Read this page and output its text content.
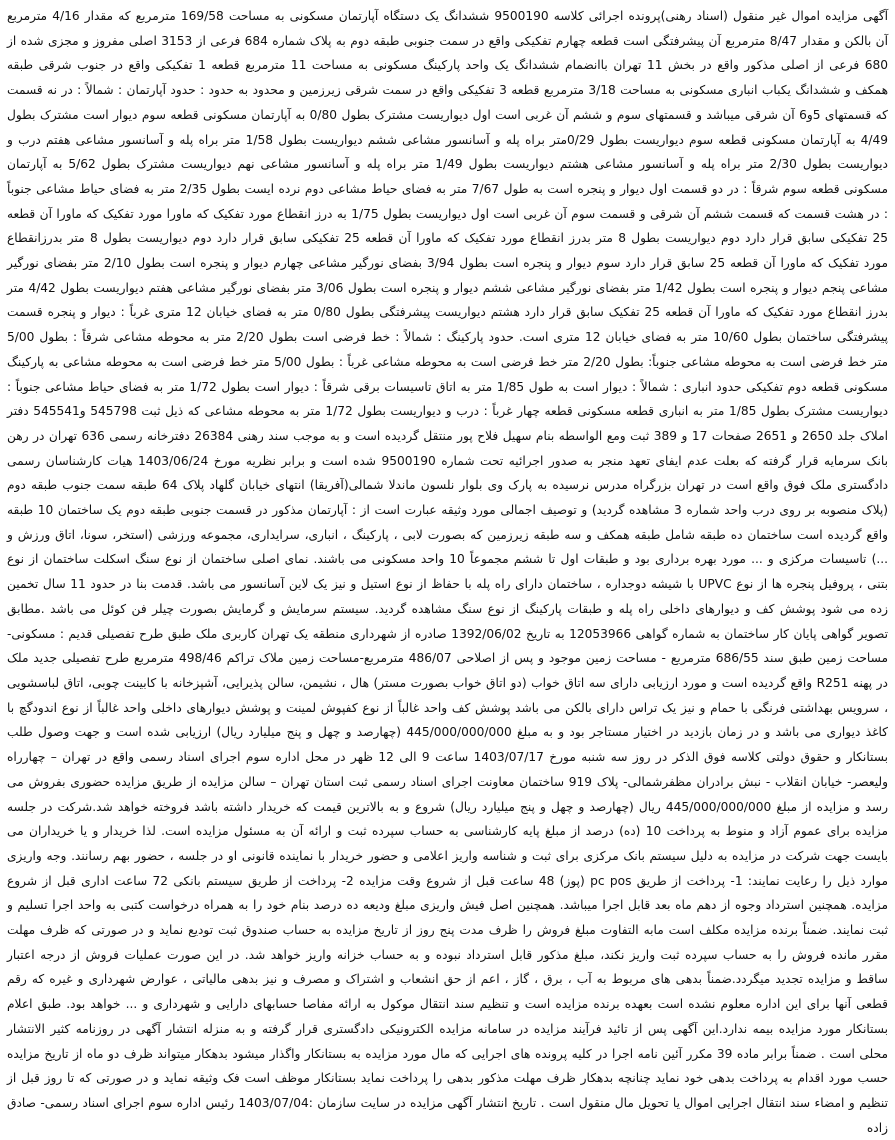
آگهی مزایده اموال غیر منقول (اسناد رهنی)پرونده اجرائی کلاسه 9500190 ششدانگ یک دستگاه آپارتمان مسکونی به مساحت 169/58 مترمربع که مقدار 4/16 مترمربع آن بالکن و مقدار 8/47 مترمربع آن پیشرفتگی است قطعه چهارم تفکیکی واقع در سمت جنوبی طبقه دوم به پلاک شماره 684 فرعی از 3153 اصلی مفروز و مجزی شده از 680 فرعی از اصلی مذکور واقع در بخش 11 تهران باانضمام ششدانگ یک واحد پارکینگ مسکونی به مساحت 11 مترمربع قطعه 1 تفکیکی واقع در جنوب شرقی طبقه همکف و ششدانگ یکباب انباری مسکونی به مساحت 3/18 مترمربع قطعه 3 تفکیکی واقع در سمت شرقی زیرزمین و محدود به حدود : حدود آپارتمان : شمالاً : در نه قسمت که قسمتهای 5و6 آن شرقی میباشد و قسمتهای سوم و ششم آن غربی است اول دیواریست مشترک بطول 0/80 به آپارتمان مسکونی قطعه سوم دیوار است مشترک بطول 4/49 به آپارتمان مسکونی قطعه سوم دیواریست بطول 0/29متر براه پله و آسانسور مشاعی ششم دیواریست بطول 1/58 متر براه پله و آسانسور مشاعی هفتم درب و دیواریست بطول 2/30 متر براه پله و آسانسور مشاعی هشتم دیواریست بطول 1/49 متر براه پله و آسانسور مشاعی نهم دیواریست مشترک بطول 5/62 به آپارتمان مسکونی قطعه سوم شرقاً : در دو قسمت اول دیوار و پنجره است به طول 7/67 متر به فضای حیاط مشاعی دوم نرده ایست بطول 2/35 متر به فضای حیاط مشاعی جنوباً : در هشت قسمت که قسمت ششم آن شرقی و قسمت سوم آن غربی است اول دیواریست بطول 1/75 به درز انقطاع مورد تفکیک که ماورا مورد تفکیک که ماورا آن قطعه 25 تفکیکی سابق قرار دارد دوم دیواریست بطول 8 متر بدرز انقطاع مورد تفکیک که ماورا آن قطعه 25 تفکیکی سابق قرار دارد دوم دیواریست بطول 8 متر بدرزانقطاع مورد تفکیک که ماورا آن قطعه 25 سابق قرار دارد سوم دیوار و پنجره است بطول 3/94 بفضای نورگیر مشاعی چهارم دیوار و پنجره است بطول 2/10 متر بفضای نورگیر مشاعی پنجم دیوار و پنجره است بطول 1/42 متر بفضای نورگیر مشاعی ششم دیوار و پنجره است بطول 3/06 متر بفضای نورگیر مشاعی هفتم دیواریست بطول 4/42 متر بدرز انقطاع مورد تفکیک که ماورا آن قطعه 25 تفکیک سابق قرار دارد هشتم دیواریست پیشرفتگی بطول 0/80 متر به فضای خیابان 12 متری غرباً : دیوار و پنجره قسمت پیشرفتگی ساختمان بطول 10/60 متر به فضای خیابان 12 متری است. حدود پارکینگ : شمالاً : خط فرضی است بطول 2/20 متر به محوطه مشاعی شرقاً : بطول 5/00 متر خط فرضی است به محوطه مشاعی جنوباً: بطول 2/20 متر خط فرضی است به محوطه مشاعی غرباً : بطول 5/00 متر خط فرضی است به محوطه مشاعی به پارکینگ مسکونی قطعه دوم تفکیکی حدود انباری : شمالاً : دیوار است به طول 1/85 متر به اتاق تاسیسات برقی شرقاً : دیوار است بطول 1/72 متر به فضای حیاط مشاعی جنوباً : دیواریست مشترک بطول 1/85 متر به انباری قطعه مسکونی قطعه چهار غرباً : درب و دیواریست بطول 1/72 متر به محوطه مشاعی که ذیل ثبت 545798 و545541 دفتر املاک جلد 2650 و 2651 صفحات 17 و 389 ثبت ومع الواسطه بنام سهیل فلاح پور منتقل گردیده است و به موجب سند رهنی 26384 دفترخانه رسمی 636 تهران در رهن بانک سرمایه قرار گرفته که بعلت عدم ایفای تعهد منجر به صدور اجرائیه تحت شماره 9500190 شده است و برابر نظریه مورخ 1403/06/24 هیات کارشناسان رسمی دادگستری ملک فوق واقع است در تهران بزرگراه مدرس نرسیده به پارک وی بلوار نلسون ماندلا شمالی(آفریقا) انتهای خیابان گلهاد پلاک 64 طبقه سمت جنوب طبقه دوم (پلاک منصوبه بر روی درب واحد شماره 3 مشاهده گردید) و توصیف اجمالی مورد وثیقه عبارت است از : آپارتمان مذکور در قسمت جنوبی طبقه دوم یک ساختمان 10 طبقه واقع گردیده است ساختمان ده طبقه شامل طبقه همکف و سه طبقه زیرزمین که بصورت لابی ، پارکینگ ، انباری، سرایداری، مجموعه ورزشی (استخر، سونا، اتاق ورزش و ...) تاسیسات مرکزی و ... مورد بهره برداری بود و طبقات اول تا ششم مجموعاً 10 واحد مسکونی می باشند. نمای اصلی ساختمان از نوع سنگ اسکلت ساختمان از نوع بتنی ، پروفیل پنجره ها از نوع UPVC با شیشه دوجداره ، ساختمان دارای راه پله با حفاظ از نوع استیل و نیز یک لاین آسانسور می باشد. قدمت بنا در حدود 11 سال تخمین زده می شود پوشش کف و دیوارهای داخلی راه پله و طبقات پارکینگ از نوع سنگ مشاهده گردید. سیستم سرمایش و گرمایش بصورت چیلر فن کوئل می باشد .مطابق تصویر گواهی پایان کار ساختمان به شماره گواهی 12053966 به تاریخ 1392/06/02 صادره از شهرداری منطقه یک تهران کاربری ملک طبق طرح تفصیلی قدیم : مسکونی-مساحت زمین طبق سند 686/55 مترمربع - مساحت زمین موجود و پس از اصلاحی 486/07 مترمربع-مساحت زمین ملاک تراکم 498/46 مترمربع طرح تفصیلی جدید ملک در پهنه R251 واقع گردیده است و مورد ارزیابی دارای سه اتاق خواب (دو اتاق خواب بصورت مستر) هال ، نشیمن، سالن پذیرایی، آشپزخانه با کابینت چوبی، اتاق لباسشویی ، سرویس بهداشتی فرنگی با حمام و نیز یک تراس دارای بالکن می باشد پوشش کف واحد غالباً از نوع کفپوش لمینت و پوشش دیوارهای داخلی واحد غالباً از نوع اندودگچ با کاغذ دیواری می باشد و در زمان بازدید در اختیار مستاجر بود و به مبلغ 445/000/000/000 (چهارصد و چهل و پنج میلیارد ریال) ارزیابی شده است و جهت وصول طلب بستانکار و حقوق دولتی کلاسه فوق الذکر در روز سه شنبه مورخ 1403/07/17 ساعت 9 الی 12 ظهر در محل اداره سوم اجرای اسناد رسمی واقع در تهران – چهارراه ولیعصر- خیابان انقلاب - نبش برادران مظفرشمالی- پلاک 919 ساختمان معاونت اجرای اسناد رسمی ثبت استان تهران – سالن مزایده از طریق مزایده حضوری بفروش می رسد و مزایده از مبلغ 445/000/000/000 ریال (چهارصد و چهل و پنج میلیارد ریال) شروع و به بالاترین قیمت که خریدار داشته باشد فروخته خواهد شد.شرکت در جلسه مزایده برای عموم آزاد و منوط به پرداخت 10 (ده) درصد از مبلغ پایه کارشناسی به حساب سپرده ثبت و ارائه آن به مسئول مزایده است. لذا خریدار و یا خریداران می بایست جهت شرکت در مزایده به دلیل سیستم بانک مرکزی برای ثبت و شناسه واریز اعلامی و حضور خریدار با نماینده قانونی او در جلسه ، حضور بهم رسانند. وجه واریزی موارد ذیل را رعایت نمایند: 1- پرداخت از طریق pc pos (پوز) 48 ساعت قبل از شروع وقت مزایده 2- پرداخت از طریق سیستم بانکی 72 ساعت اداری قبل از شروع مزایده. همچنین استرداد وجوه از دهم ماه بعد قابل اجرا میباشد. همچنین اصل فیش واریزی مبلغ ودیعه ده درصد بنام خود را به همراه درخواست کتبی به واحد اجرا تسلیم و ثبت نمایند. ضمناً برنده مزایده مکلف است مابه التفاوت مبلغ فروش را ظرف مدت پنج روز از تاریخ مزایده به حساب صندوق ثبت تودیع نماید و در صورتی که ظرف مهلت مقرر مانده فروش را به حساب سپرده ثبت واریز نکند، مبلغ مذکور قابل استرداد نبوده و به حساب خزانه واریز خواهد شد. در این صورت عملیات فروش از درجه اعتبار ساقط و مزایده تجدید میگردد.ضمناً بدهی های مربوط به آب ، برق ، گاز ، اعم از حق انشعاب و اشتراک و مصرف و نیز بدهی مالیاتی ، عوارض شهرداری و غیره که رقم قطعی آنها برای این اداره معلوم نشده است بعهده برنده مزایده است و تنظیم سند انتقال موکول به ارائه مفاصا حسابهای دارایی و شهرداری و ... خواهد بود. طبق اعلام بستانکار مورد مزایده بیمه ندارد.این آگهی پس از تائید فرآیند مزایده در سامانه مزایده الکترونیکی دادگستری قرار گرفته و به منزله انتشار آگهی در روزنامه کثیر الانتشار محلی است . ضمناً برابر ماده 39 مکرر آئین نامه اجرا در کلیه پرونده های اجرایی که مال مورد مزایده به بستانکار واگذار میشود بدهکار میتواند ظرف دو ماه از تاریخ مزایده حسب مورد اقدام به پرداخت بدهی خود نماید چنانچه بدهکار ظرف مهلت مذکور بدهی را پرداخت نماید بستانکار موظف است فک وثیقه نماید و در صورتی که تا روز قبل از تنظیم و امضاء سند انتقال اجرایی اموال یا تحویل مال منقول است . تاریخ انتشار آگهی مزایده در سایت سازمان :1403/07/04 رئیس اداره سوم اجرای اسناد رسمی- صادق زاده
